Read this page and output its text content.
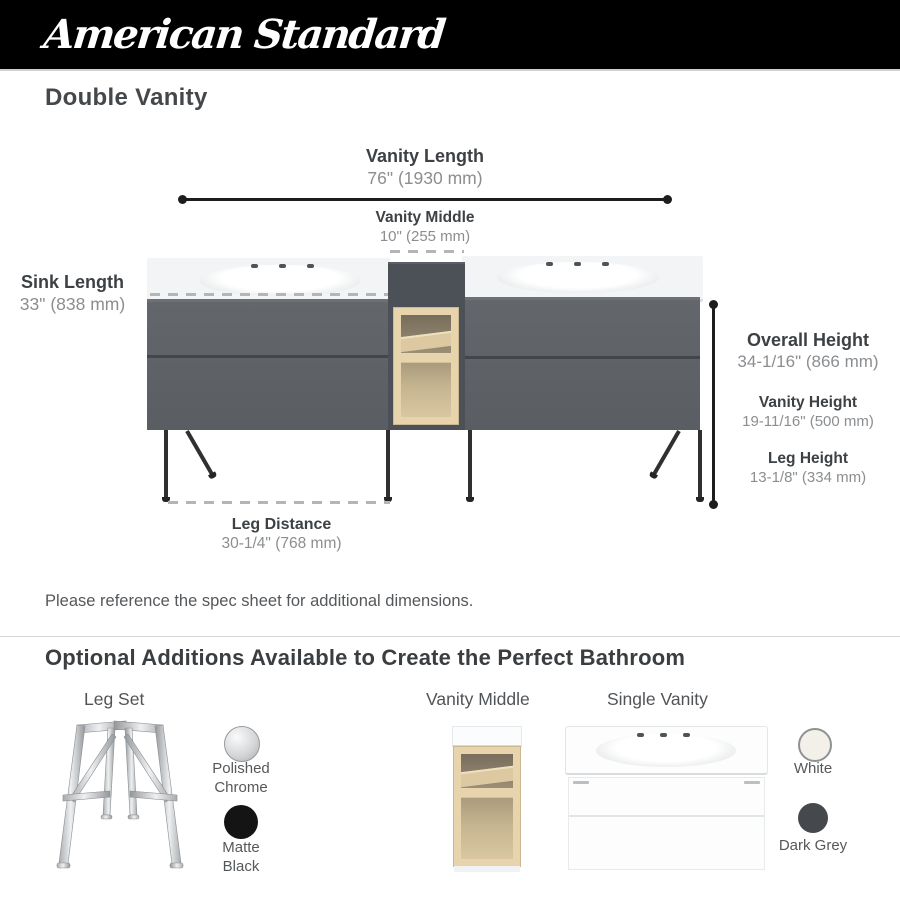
American Standard
Double Vanity
Vanity Length
76" (1930 mm)
Vanity Middle
10" (255 mm)
Sink Length
33" (838 mm)
Overall Height
34-1/16" (866 mm)
Vanity Height
19-11/16" (500 mm)
Leg Height
13-1/8" (334 mm)
Leg Distance
30-1/4" (768 mm)

Please reference the spec sheet for additional dimensions.

Optional Additions Available to Create the Perfect Bathroom
Leg Set
Polished Chrome
Matte Black
Vanity Middle	Single Vanity
White
Dark Grey
